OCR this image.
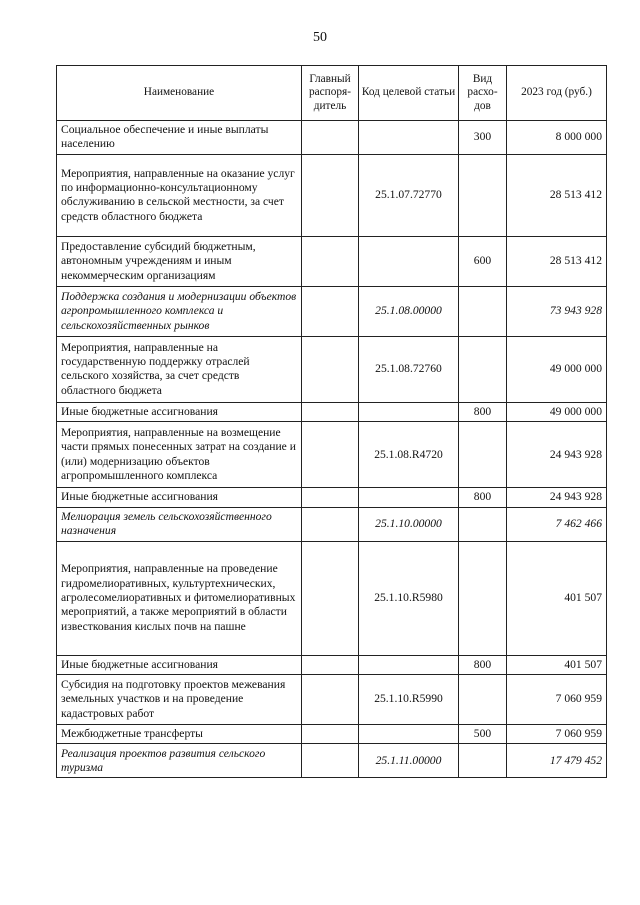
50
Наименование	Главный распоря-дитель	Код целевой статьи	Вид расхо-дов	2023 год (руб.)
Социальное обеспечение и иные выплаты населению			300	8 000 000
Мероприятия, направленные на оказание услуг по информационно-консультационному обслуживанию в сельской местности, за счет средств областного бюджета		25.1.07.72770		28 513 412
Предоставление субсидий бюджетным, автономным учреждениям и иным некоммерческим организациям			600	28 513 412
Поддержка создания и модернизации объектов агропромышленного комплекса и сельскохозяйственных рынков		25.1.08.00000		73 943 928
Мероприятия, направленные на государственную поддержку отраслей сельского хозяйства, за счет средств областного бюджета		25.1.08.72760		49 000 000
Иные бюджетные ассигнования			800	49 000 000
Мероприятия, направленные на возмещение части прямых понесенных затрат на создание и (или) модернизацию объектов агропромышленного комплекса		25.1.08.R4720		24 943 928
Иные бюджетные ассигнования			800	24 943 928
Мелиорация земель сельскохозяйственного назначения		25.1.10.00000		7 462 466
Мероприятия, направленные на проведение гидромелиоративных, культуртехнических, агролесомелиоративных и фитомелиоративных мероприятий, а также мероприятий в области известкования кислых почв на пашне		25.1.10.R5980		401 507
Иные бюджетные ассигнования			800	401 507
Субсидия на подготовку проектов межевания земельных участков и на проведение кадастровых работ		25.1.10.R5990		7 060 959
Межбюджетные трансферты			500	7 060 959
Реализация проектов развития сельского туризма		25.1.11.00000		17 479 452
